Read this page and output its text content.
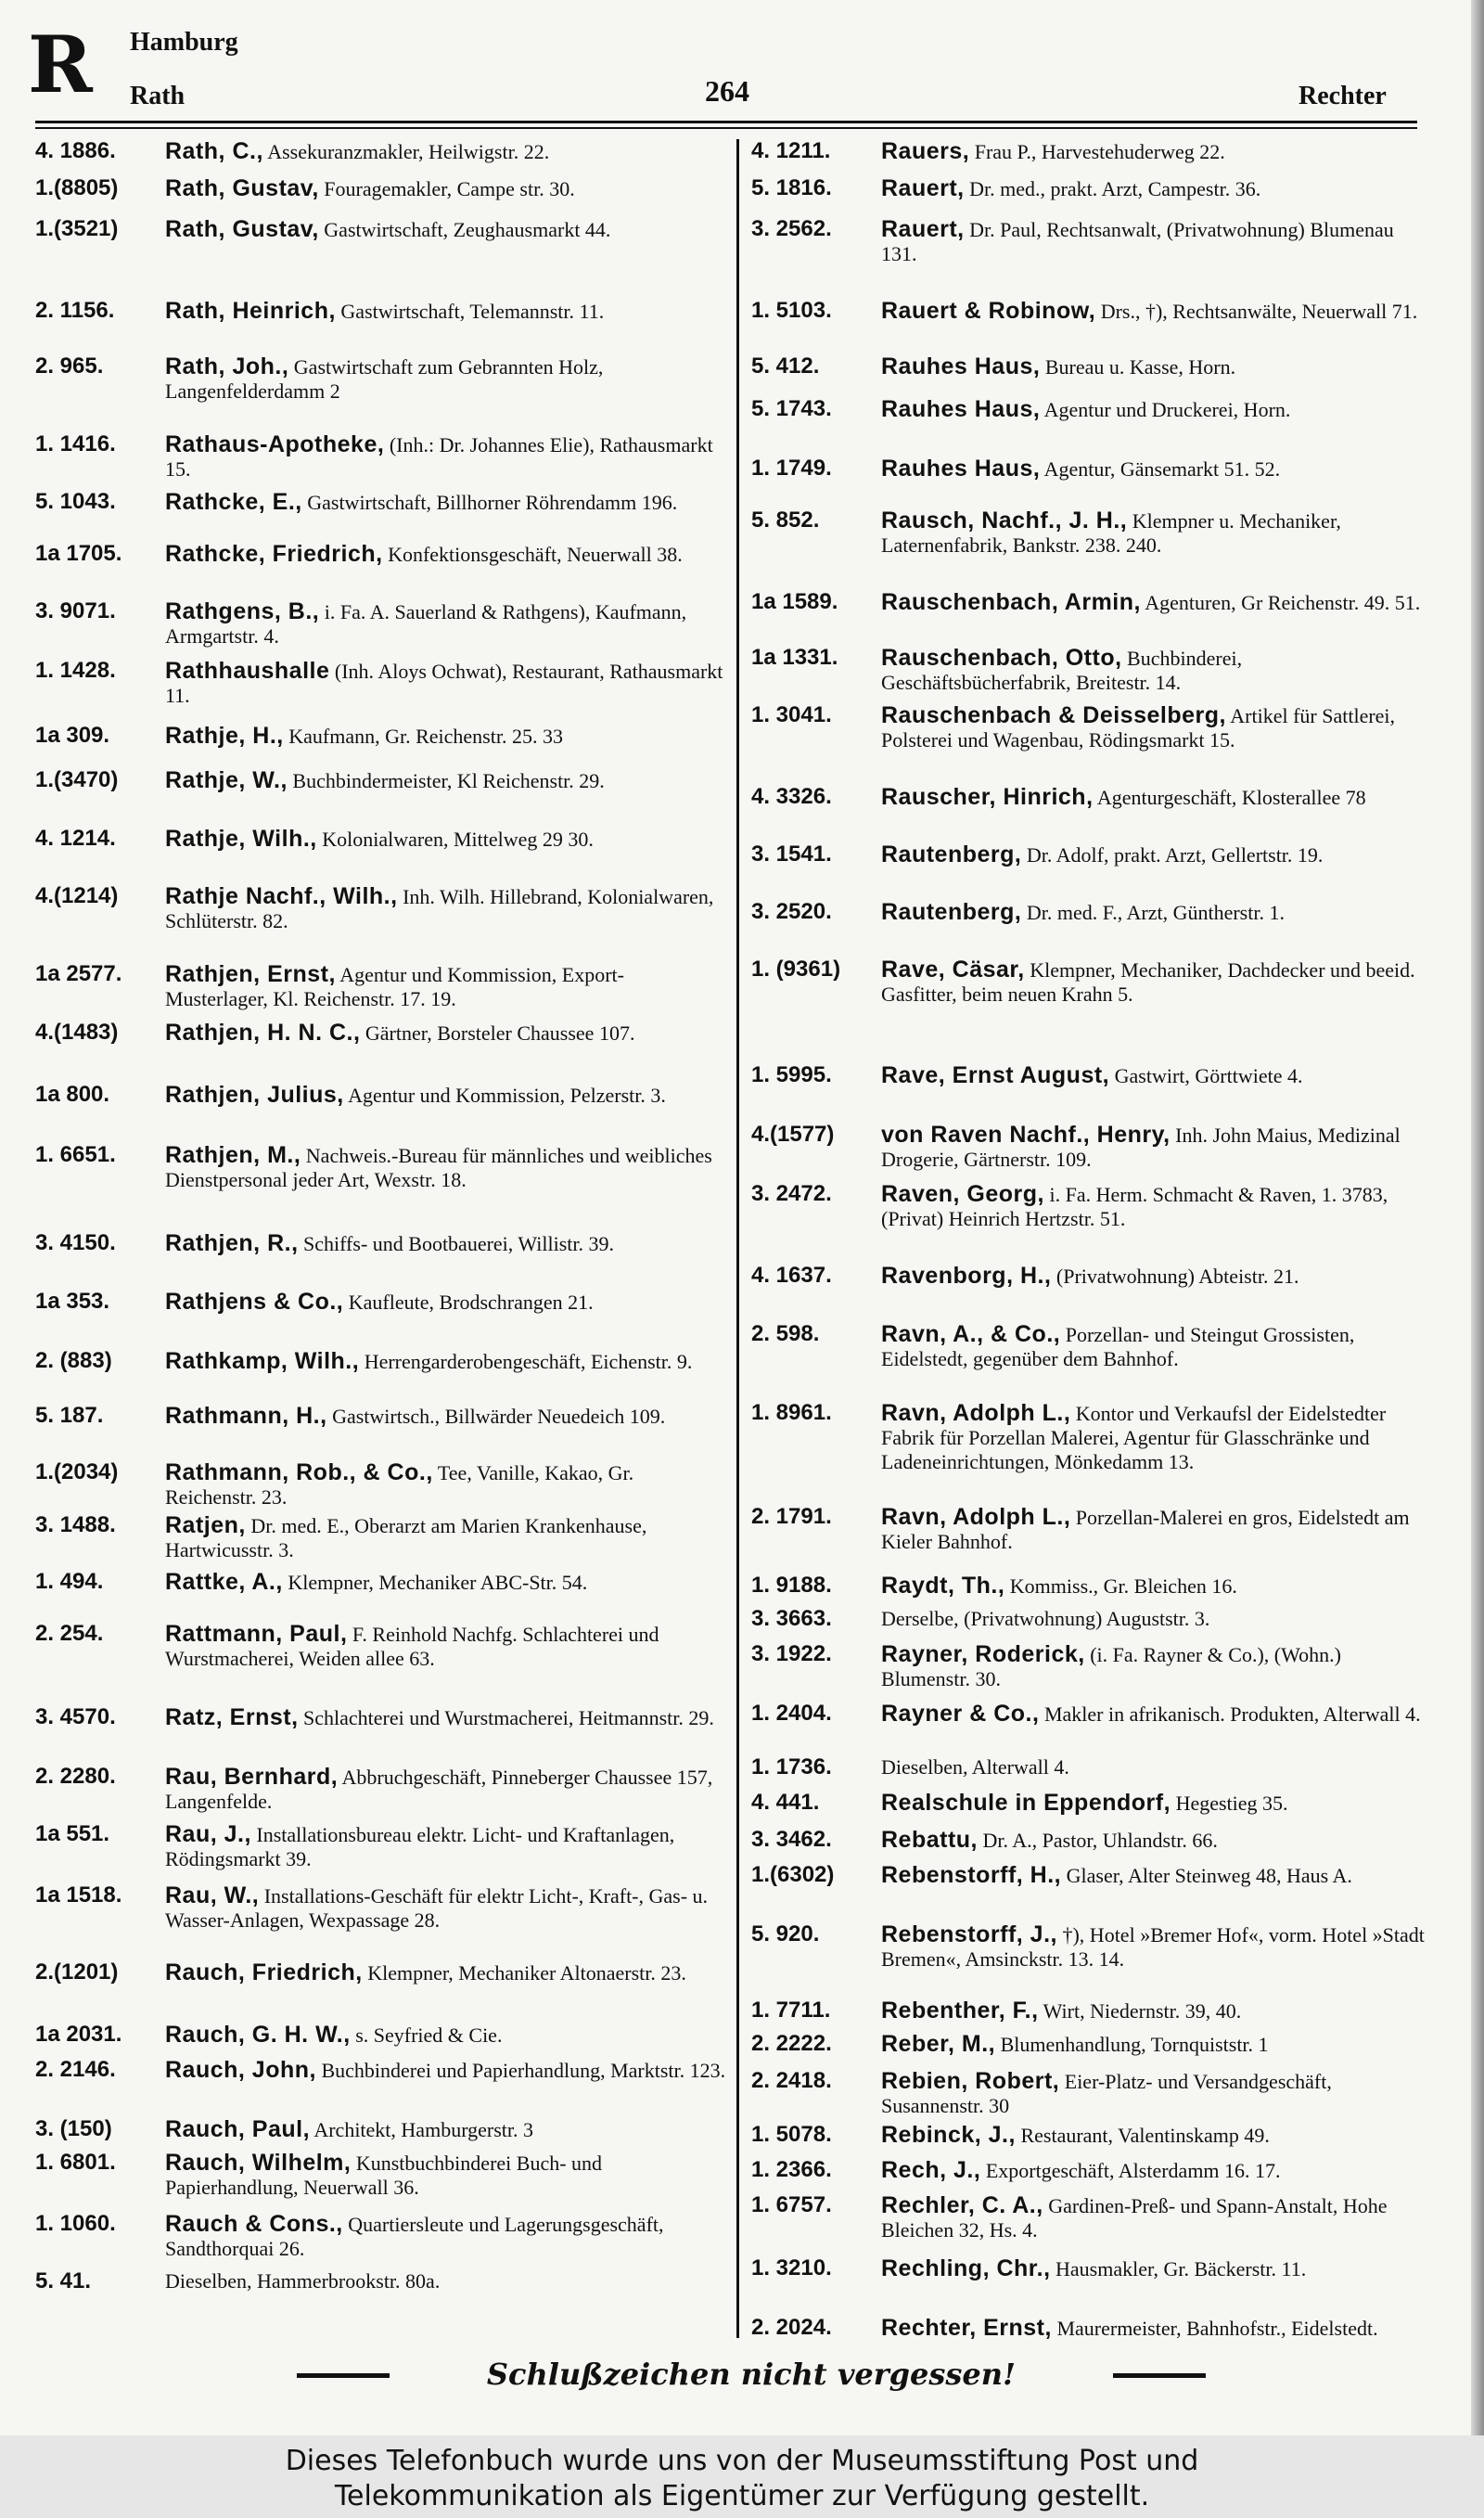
R Hamburg
Rath	264	Rechter
4. 1886. Rath, C., Assekuranzmakler, Heilwigstr. 22.
1.(8805) Rath, Gustav, Fouragemakler, Campe str. 30.
1.(3521) Rath, Gustav, Gastwirtschaft, Zeughausmarkt 44.
2. 1156. Rath, Heinrich, Gastwirtschaft, Telemannstr. 11.
2. 965.	Rath, Joh., Gastwirtschaft zum Gebrannten Holz, Langenfelderdamm 2
1. 1416. Rathaus-Apotheke, (Inh.: Dr. Johannes Elie), Rathausmarkt 15.
5. 1043. Rathcke, E., Gastwirtschaft, Billhorner Röhrendamm 196.
1a 1705. Rathcke, Friedrich, Konfektionsgeschäft, Neuerwall 38.
3. 9071. Rathgens, B., i. Fa. A. Sauerland & Rathgens), Kaufmann, Armgartstr. 4.
1. 1428. Rathhaushalle (Inh. Aloys Ochwat), Restaurant, Rathausmarkt 11.
1a 309. Rathje, H., Kaufmann, Gr. Reichenstr. 25. 33
1.(3470) Rathje, W., Buchbindermeister, Kl Reichenstr. 29.
4. 1214. Rathje, Wilh., Kolonialwaren, Mittelweg 29 30.
4.(1214) Rathje Nachf., Wilh., Inh. Wilh. Hillebrand, Kolonialwaren, Schlüterstr. 82.
1a 2577. Rathjen, Ernst, Agentur und Kommission, Export-Musterlager, Kl. Reichenstr. 17. 19.
4.(1483) Rathjen, H. N. C., Gärtner, Borsteler Chaussee 107.
1a 800. Rathjen, Julius, Agentur und Kommission, Pelzerstr. 3.
1. 6651. Rathjen, M., Nachweis.-Bureau für männliches und weibliches Dienstpersonal jeder Art, Wexstr. 18.
3. 4150. Rathjen, R., Schiffs- und Bootbauerei, Willistr. 39.
1a 353. Rathjens & Co., Kaufleute, Brodschrangen 21.
2. (883) Rathkamp, Wilh., Herrengarderobengeschäft, Eichenstr. 9.
5. 187.	Rathmann, H., Gastwirtsch., Billwärder Neuedeich 109.
1.(2034) Rathmann, Rob., & Co., Tee, Vanille, Kakao, Gr. Reichenstr. 23.
3. 1488. Ratjen, Dr. med. E., Oberarzt am Marien Krankenhause, Hartwicusstr. 3.
1. 494.	Rattke, A., Klempner, Mechaniker ABC-Str. 54.
2. 254.	Rattmann, Paul, F. Reinhold Nachfg. Schlachterei und Wurstmacherei, Weiden allee 63.
3. 4570. Ratz, Ernst, Schlachterei und Wurstmacherei, Heitmannstr. 29.
2. 2280. Rau, Bernhard, Abbruchgeschäft, Pinneberger Chaussee 157, Langenfelde.
1a 551. Rau, J., Installationsbureau elektr. Licht- und Kraftanlagen, Rödingsmarkt 39.
1a 1518. Rau, W., Installations-Geschäft für elektr Licht-, Kraft-, Gas- u. Wasser-Anlagen, Wexpassage 28.
2.(1201) Rauch, Friedrich, Klempner, Mechaniker Altonaerstr. 23.
1a 2031. Rauch, G. H. W., s. Seyfried & Cie.
2. 2146. Rauch, John, Buchbinderei und Papierhandlung, Marktstr. 123.
3. (150) Rauch, Paul, Architekt, Hamburgerstr. 3
1. 6801. Rauch, Wilhelm, Kunstbuchbinderei Buch- und Papierhandlung, Neuerwall 36.
1. 1060. Rauch & Cons., Quartiersleute und Lagerungsgeschäft, Sandthorquai 26.
5. 41.	Dieselben, Hammerbrookstr. 80a.
4. 1211. Rauers, Frau P., Harvestehuderweg 22.
5. 1816. Rauert, Dr. med., prakt. Arzt, Campestr. 36.
3. 2562. Rauert, Dr. Paul, Rechtsanwalt, (Privatwohnung) Blumenau 131.
1. 5103. Rauert & Robinow, Drs., †), Rechtsanwälte, Neuerwall 71.
5. 412.	Rauhes Haus, Bureau u. Kasse, Horn.
5. 1743. Rauhes Haus, Agentur und Druckerei, Horn.
1. 1749. Rauhes Haus, Agentur, Gänsemarkt 51. 52.
5. 852.	Rausch, Nachf., J. H., Klempner u. Mechaniker, Laternenfabrik, Bankstr. 238. 240.
1a 1589. Rauschenbach, Armin, Agenturen, Gr Reichenstr. 49. 51.
1a 1331. Rauschenbach, Otto, Buchbinderei, Geschäftsbücherfabrik, Breitestr. 14.
1. 3041. Rauschenbach & Deisselberg, Artikel für Sattlerei, Polsterei und Wagenbau, Rödingsmarkt 15.
4. 3326. Rauscher, Hinrich, Agenturgeschäft, Klosterallee 78
3. 1541. Rautenberg, Dr. Adolf, prakt. Arzt, Gellertstr. 19.
3. 2520. Rautenberg, Dr. med. F., Arzt, Güntherstr. 1.
1. (9361) Rave, Cäsar, Klempner, Mechaniker, Dachdecker und beeid. Gasfitter, beim neuen Krahn 5.
1. 5995. Rave, Ernst August, Gastwirt, Görttwiete 4.
4.(1577) von Raven Nachf., Henry, Inh. John Maius, Medizinal Drogerie, Gärtnerstr. 109.
3. 2472. Raven, Georg, i. Fa. Herm. Schmacht & Raven, 1. 3783, (Privat) Heinrich Hertzstr. 51.
4. 1637. Ravenborg, H., (Privatwohnung) Abteistr. 21.
2. 598.	Ravn, A., & Co., Porzellan- und Steingut Grossisten, Eidelstedt, gegenüber dem Bahnhof.
1. 8961. Ravn, Adolph L., Kontor und Verkaufsl der Eidelstedter Fabrik für Porzellan Malerei, Agentur für Glasschränke und Ladeneinrichtungen, Mönkedamm 13.
2. 1791. Ravn, Adolph L., Porzellan-Malerei en gros, Eidelstedt am Kieler Bahnhof.
1. 9188. Raydt, Th., Kommiss., Gr. Bleichen 16.
3. 3663. Derselbe, (Privatwohnung) Auguststr. 3.
3. 1922. Rayner, Roderick, (i. Fa. Rayner & Co.), (Wohn.) Blumenstr. 30.
1. 2404. Rayner & Co., Makler in afrikanisch. Produkten, Alterwall 4.
1. 1736. Dieselben, Alterwall 4.
4. 441.	Realschule in Eppendorf, Hegestieg 35.
3. 3462. Rebattu, Dr. A., Pastor, Uhlandstr. 66.
1.(6302) Rebenstorff, H., Glaser, Alter Steinweg 48, Haus A.
5. 920.	Rebenstorff, J., †), Hotel »Bremer Hof«, vorm. Hotel »Stadt Bremen«, Amsinckstr. 13. 14.
1. 7711. Rebenther, F., Wirt, Niedernstr. 39, 40.
2. 2222. Reber, M., Blumenhandlung, Tornquiststr. 1
2. 2418. Rebien, Robert, Eier-Platz- und Versandgeschäft, Susannenstr. 30
1. 5078. Rebinck, J., Restaurant, Valentinskamp 49.
1. 2366. Rech, J., Exportgeschäft, Alsterdamm 16. 17.
1. 6757. Rechler, C. A., Gardinen-Preß- und Spann-Anstalt, Hohe Bleichen 32, Hs. 4.
1. 3210. Rechling, Chr., Hausmakler, Gr. Bäckerstr. 11.
2. 2024. Rechter, Ernst, Maurermeister, Bahnhofstr., Eidelstedt.
Schlußzeichen nicht vergessen!
Dieses Telefonbuch wurde uns von der Museumsstiftung Post und
Telekommunikation als Eigentümer zur Verfügung gestellt.
